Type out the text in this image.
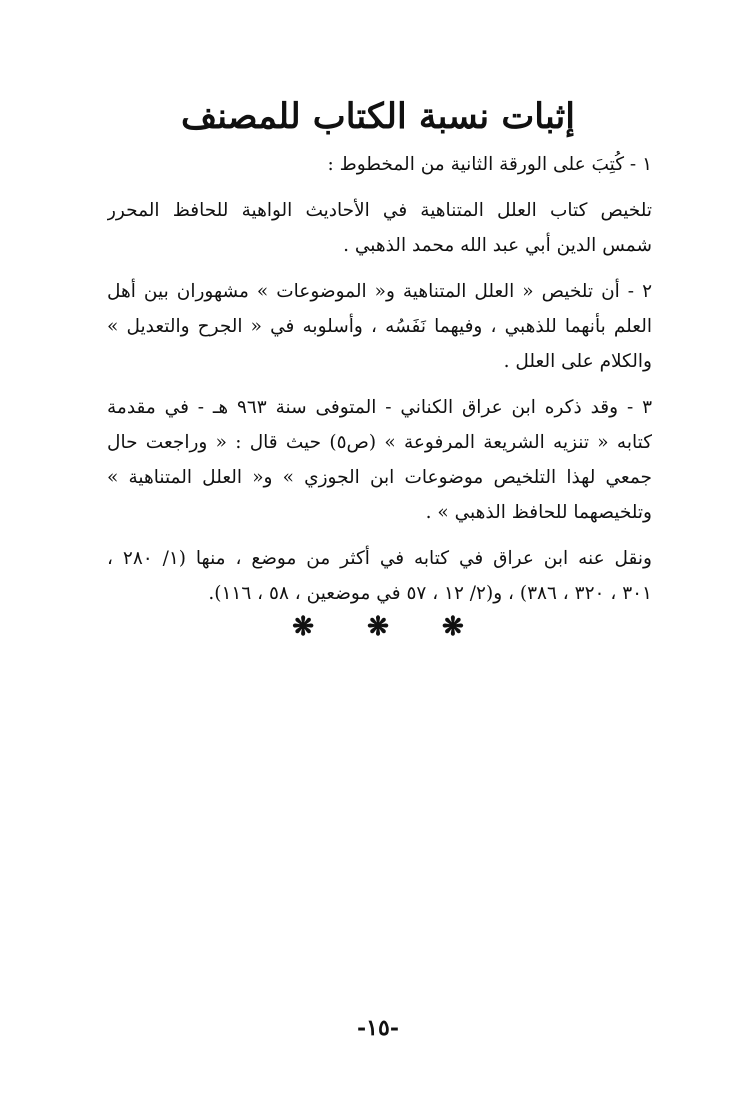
إثبات نسبة الكتاب للمصنف
١ - كُتِبَ على الورقة الثانية من المخطوط :
تلخيص كتاب العلل المتناهية في الأحاديث الواهية للحافظ المحرر
شمس الدين أبي عبد الله محمد الذهبي .
٢ - أن تلخيص « العلل المتناهية و« الموضوعات » مشهوران بين أهل
العلم بأنهما للذهبي ، وفيهما نَفَسُه ، وأسلوبه في « الجرح والتعديل »
والكلام على العلل .
٣ - وقد ذكره ابن عراق الكناني - المتوفى سنة ٩٦٣ هـ - في مقدمة
كتابه « تنزيه الشريعة المرفوعة » (ص٥) حيث قال : « وراجعت حال
جمعي لهذا التلخيص موضوعات ابن الجوزي » و« العلل المتناهية »
وتلخيصهما للحافظ الذهبي » .
ونقل عنه ابن عراق في كتابه في أكثر من موضع ، منها (١/ ٢٨٠ ،
٣٠١ ، ٣٢٠ ، ٣٨٦) ، و(٢/ ١٢ ، ٥٧ في موضعين ، ٥٨ ، ١١٦).
❋ ❋ ❋
-١٥-
